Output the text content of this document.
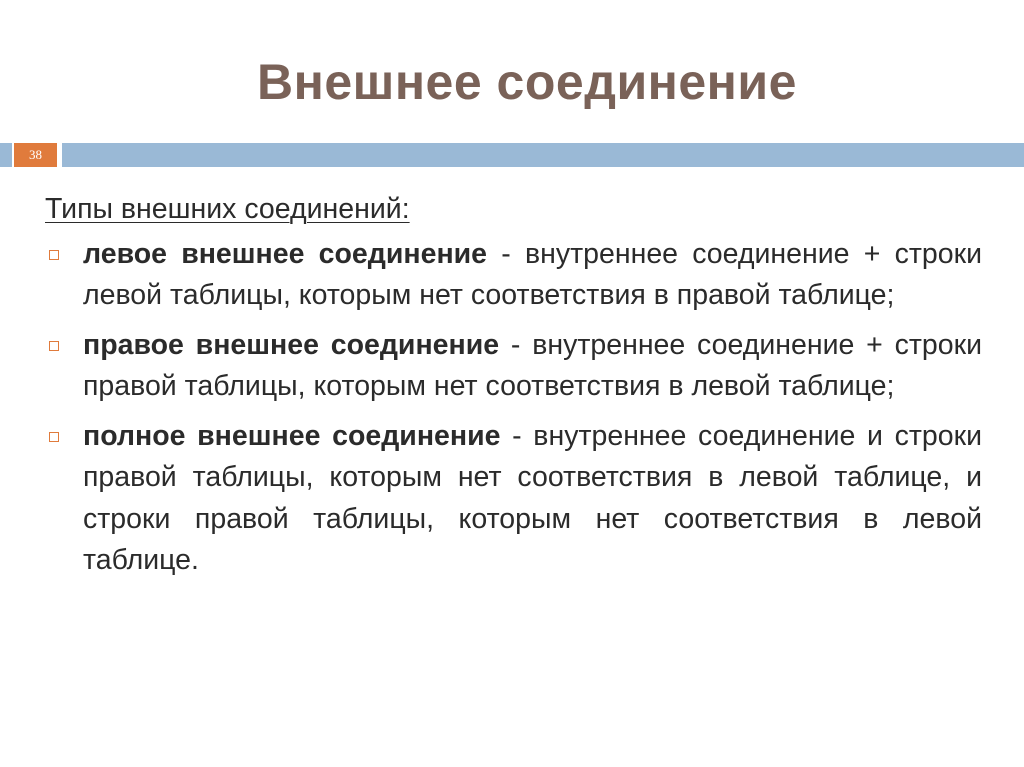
Внешнее соединение
38

Типы внешних соединений:

левое внешнее соединение - внутреннее соединение + строки левой таблицы, которым нет соответствия в правой таблице;
правое внешнее соединение - внутреннее соединение + строки правой таблицы, которым нет соответствия в левой таблице;
полное внешнее соединение - внутреннее соединение и строки правой таблицы, которым нет соответствия в левой таблице, и строки правой таблицы, которым нет соответствия в левой таблице.
